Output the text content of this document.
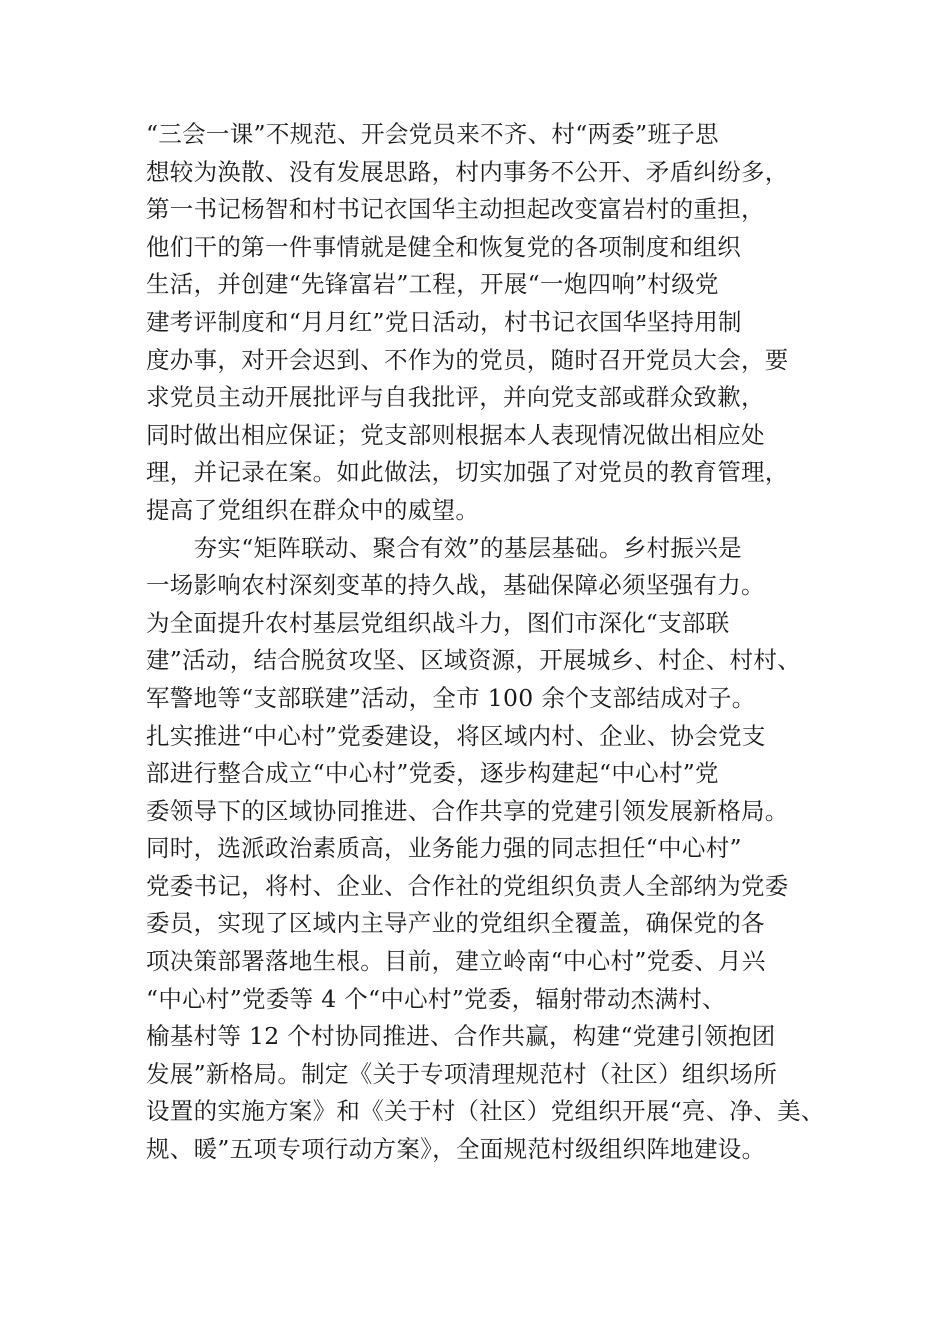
“三会一课”不规范、开会党员来不齐、村“两委”班子思
想较为涣散、没有发展思路，村内事务不公开、矛盾纠纷多，
第一书记杨智和村书记衣国华主动担起改变富岩村的重担，
他们干的第一件事情就是健全和恢复党的各项制度和组织
生活，并创建“先锋富岩”工程，开展“一炮四响”村级党
建考评制度和“月月红”党日活动，村书记衣国华坚持用制
度办事，对开会迟到、不作为的党员，随时召开党员大会，要
求党员主动开展批评与自我批评，并向党支部或群众致歉，
同时做出相应保证；党支部则根据本人表现情况做出相应处
理，并记录在案。如此做法，切实加强了对党员的教育管理，
提高了党组织在群众中的威望。
　　夯实“矩阵联动、聚合有效”的基层基础。乡村振兴是
一场影响农村深刻变革的持久战，基础保障必须坚强有力。
为全面提升农村基层党组织战斗力，图们市深化“支部联
建”活动，结合脱贫攻坚、区域资源，开展城乡、村企、村村、
军警地等“支部联建”活动，全市 100 余个支部结成对子。
扎实推进“中心村”党委建设，将区域内村、企业、协会党支
部进行整合成立“中心村”党委，逐步构建起“中心村”党
委领导下的区域协同推进、合作共享的党建引领发展新格局。
同时，选派政治素质高，业务能力强的同志担任“中心村”
党委书记，将村、企业、合作社的党组织负责人全部纳为党委
委员，实现了区域内主导产业的党组织全覆盖，确保党的各
项决策部署落地生根。目前，建立岭南“中心村”党委、月兴
“中心村”党委等 4 个“中心村”党委，辐射带动杰满村、
榆基村等 12 个村协同推进、合作共赢，构建“党建引领抱团
发展”新格局。制定《关于专项清理规范村（社区）组织场所
设置的实施方案》和《关于村（社区）党组织开展“亮、净、美、
规、暖”五项专项行动方案》，全面规范村级组织阵地建设。
